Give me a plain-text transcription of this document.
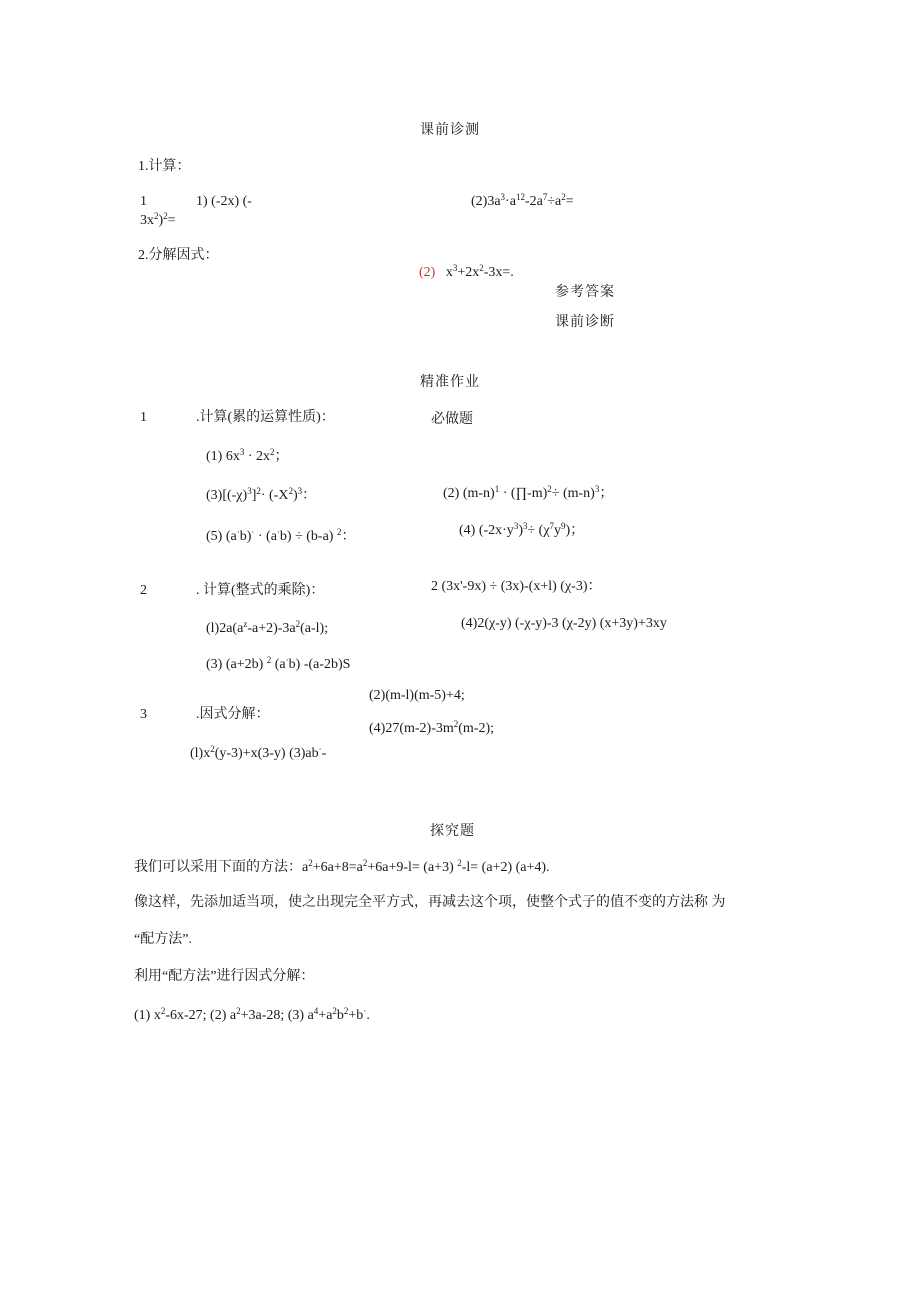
课前诊测
1.计算：
1	1) (-2x) (-
$3x^2)^2=$
$(2)3a^3\cdot a^{12}-2a^7\div a^2=$
2.分解因式：
(2) $x^3+2x^2-3x=$.
参考答案
课前诊断
精准作业
1	.计算(累的运算性质)：	必做题
(1) $6x^3 \cdot 2x^2$；
$(3)[(-\chi)^3]^2\cdot (-X^2)^3$：	(2) $(m-n)^1$ · (∏-m)$^2$÷ $(m-n)^3$；
(4) $(-2x\cdot y^3)^3\div (\chi^7y^9)$；
(5) (a·b)· · (a·b) ÷ (b-a) $^2$：
2	. 计算(整式的乘除)：	2 (3x'-9x) ÷ (3x)-(x+l) (χ-3)：
(4)2(χ-y) (-χ-y)-3 (χ-2y) (x+3y)+3xy
$(l)2a(a^z-a+2)-3a^2(a-l)$;
(3) (a+2b) $^2$ (a·b) -(a-2b)S
(2)(m-l)(m-5)+4;
3	.因式分解：
$(4)27(m-2)-3m^2(m-2)$;
$(l)x^2(y-3)+x(3-y)$ (3)ab·-
探究题
我们可以采用下面的方法：$a^2+6a+8=a^2+6a+9-l= (a+3)$ $^2$-l= (a+2) (a+4).
像这样，先添加适当项，使之出现完全平方式，再减去这个项，使整个式子的值不变的方法称 为
“配方法”.
利用“配方法”进行因式分解：
(1) $x^2-6x-27$; (2) $a^2+3a-28$; (3) $a^4+a^2b^2+b^\cdot$.
